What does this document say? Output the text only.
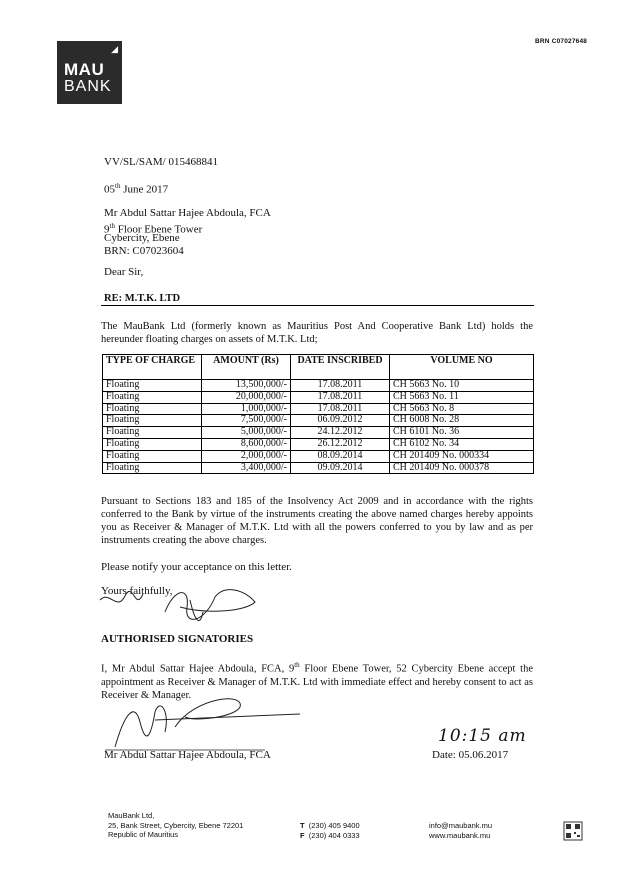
BRN C07027648
◢
MAU
BANK
VV/SL/SAM/ 015468841
05th June 2017
Mr Abdul Sattar Hajee Abdoula, FCA
9th Floor Ebene Tower
Cybercity, Ebene
BRN: C07023604
Dear Sir,
RE: M.T.K. LTD
The MauBank Ltd (formerly known as Mauritius Post And Cooperative Bank Ltd) holds the hereunder floating charges on assets of M.T.K. Ltd;
TYPE OF CHARGE	AMOUNT (Rs)	DATE INSCRIBED	VOLUME NO
Floating	13,500,000/-	17.08.2011	CH 5663 No. 10
Floating	20,000,000/-	17.08.2011	CH 5663 No. 11
Floating	1,000,000/-	17.08.2011	CH 5663 No. 8
Floating	7,500,000/-	06.09.2012	CH 6008 No. 28
Floating	5,000,000/-	24.12.2012	CH 6101 No. 36
Floating	8,600,000/-	26.12.2012	CH 6102 No. 34
Floating	2,000,000/-	08.09.2014	CH 201409 No. 000334
Floating	3,400,000/-	09.09.2014	CH 201409 No. 000378
Pursuant to Sections 183 and 185 of the Insolvency Act 2009 and in accordance with the rights conferred to the Bank by virtue of the instruments creating the above named charges hereby appoints you as Receiver & Manager of M.T.K. Ltd with all the powers conferred to you by law and as per instruments creating the above charges.
Please notify your acceptance on this letter.
Yours faithfully,
AUTHORISED SIGNATORIES
I, Mr Abdul Sattar Hajee Abdoula, FCA, 9th Floor Ebene Tower, 52 Cybercity Ebene accept the appointment as Receiver & Manager of M.T.K. Ltd with immediate effect and hereby consent to act as Receiver & Manager.
Mr Abdul Sattar Hajee Abdoula, FCA
10:15 am
Date: 05.06.2017
MauBank Ltd,
25, Bank Street, Cybercity, Ebene 72201
Republic of Mauritius
T (230) 405 9400
F (230) 404 0333
info@maubank.mu
www.maubank.mu
